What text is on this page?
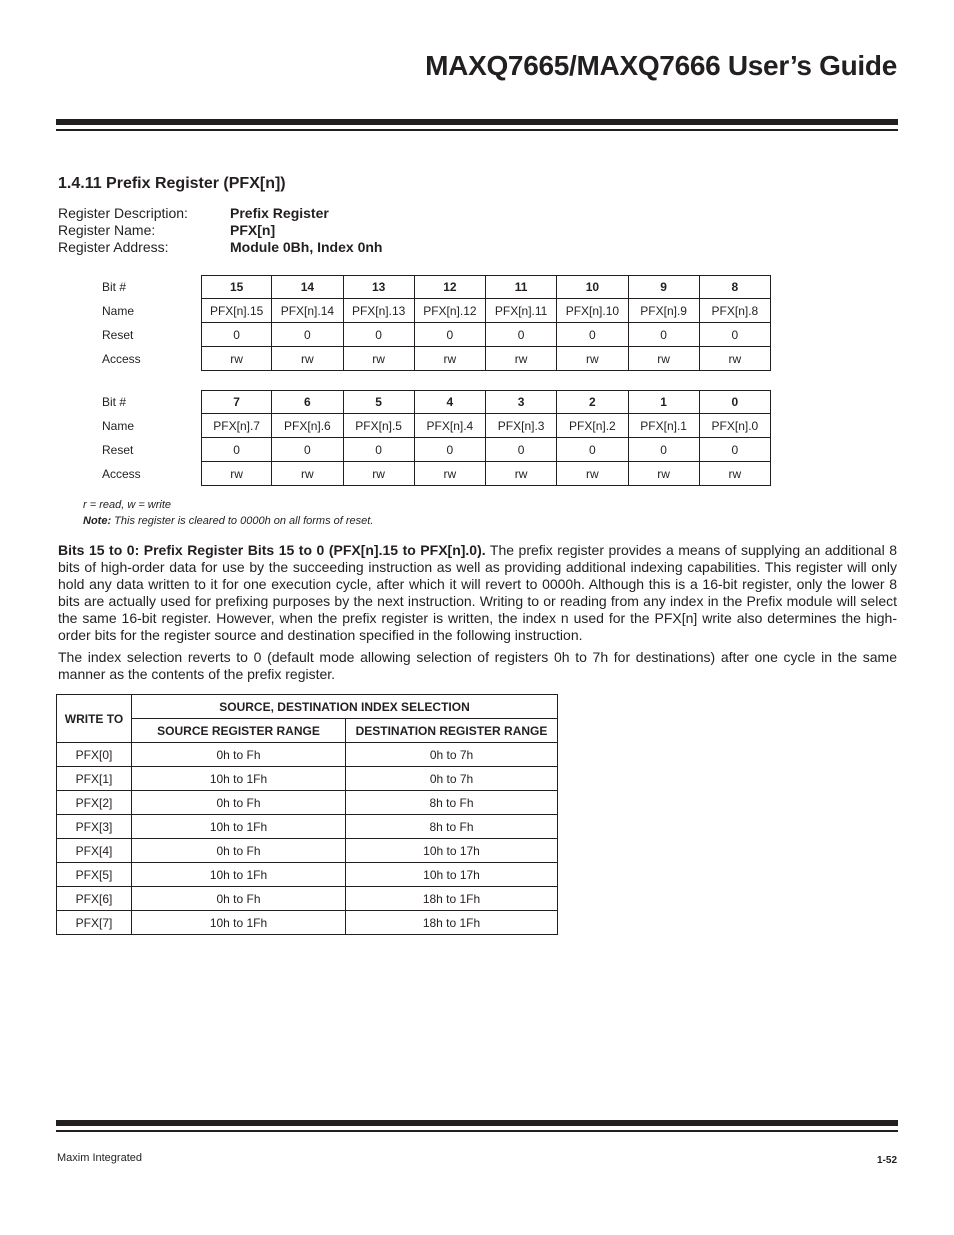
MAXQ7665/MAXQ7666 User’s Guide
1.4.11 Prefix Register (PFX[n])
Register Description:	Prefix Register
Register Name:	PFX[n]
Register Address:	Module 0Bh, Index 0nh
Bit #	15	14	13	12	11	10	9	8
Name	PFX[n].15	PFX[n].14	PFX[n].13	PFX[n].12	PFX[n].11	PFX[n].10	PFX[n].9	PFX[n].8
Reset	0	0	0	0	0	0	0	0
Access	rw	rw	rw	rw	rw	rw	rw	rw
Bit #	7	6	5	4	3	2	1	0
Name	PFX[n].7	PFX[n].6	PFX[n].5	PFX[n].4	PFX[n].3	PFX[n].2	PFX[n].1	PFX[n].0
Reset	0	0	0	0	0	0	0	0
Access	rw	rw	rw	rw	rw	rw	rw	rw
r = read, w = write
Note: This register is cleared to 0000h on all forms of reset.

Bits 15 to 0: Prefix Register Bits 15 to 0 (PFX[n].15 to PFX[n].0). The prefix register provides a means of supplying an additional 8 bits of high-order data for use by the succeeding instruction as well as providing additional indexing capabilities. This register will only hold any data written to it for one execution cycle, after which it will revert to 0000h. Although this is a 16-bit register, only the lower 8 bits are actually used for prefixing purposes by the next instruction. Writing to or reading from any index in the Prefix module will select the same 16-bit register. However, when the prefix register is written, the index n used for the PFX[n] write also determines the high-order bits for the register source and destination specified in the following instruction.

The index selection reverts to 0 (default mode allowing selection of registers 0h to 7h for destinations) after one cycle in the same manner as the contents of the prefix register.

WRITE TO	SOURCE, DESTINATION INDEX SELECTION	
	SOURCE REGISTER RANGE	DESTINATION REGISTER RANGE
PFX[0]	0h to Fh	0h to 7h
PFX[1]	10h to 1Fh	0h to 7h
PFX[2]	0h to Fh	8h to Fh
PFX[3]	10h to 1Fh	8h to Fh
PFX[4]	0h to Fh	10h to 17h
PFX[5]	10h to 1Fh	10h to 17h
PFX[6]	0h to Fh	18h to 1Fh
PFX[7]	10h to 1Fh	18h to 1Fh
Maxim Integrated	1-52
